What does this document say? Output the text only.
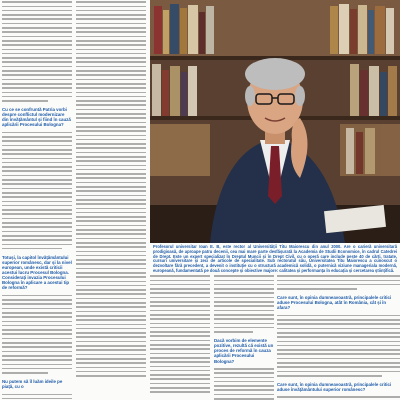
Cu ce se confruntă Patria vorbi despre conflictul modernizare din învățământul și fiind în cauză aplicării Procesului Bologna?
Totuși, la capitol învățământului superior românesc, dar și la nivel european, unde există criticii acestui lucru Procesul Bologna. Considerați invazia Procesului Bologna în aplicare a acestui tip de reformă?
Nu putem să îl luăm ideile pe piață, cu o
Profesorul universitar Ioan E. B, este rector al Universității Titu Maiorescu din anul 2000. Are o carieră universitară prodigioasă, de aproape patru decenii, cea mai mare parte desfășurată la Academia de Studii Economice, în cadrul Catedrei de Drept. Este un expert specializat în Dreptul Muncii și în Drept Civil, cu o operă care include peste 40 de cărți, tratate, cursuri universitare și zeci de articole de specialitate. Sub rectoratul său, Universitatea Titu Maiorescu a cunoscut o dezvoltare fără precedent, a devenit o instituție cu o structură academică solidă, o puternică viziune manageriala modernă, europeană, fundamentată pe două concepte și obiective majore: calitatea și performanța în educația și cercetarea științifică.
Dacă vorbim de elemente pozitive, rezultă că există un proces de reformă în cauza aplicării Procesului Bologna?
Care sunt, în opinia dumneavoastră, principalele critici aduse Procesului Bologna, atât în România, cât și în afara?
Care sunt, în opinia dumneavoastră, principalele critici aduse învățământului superior românesc?
